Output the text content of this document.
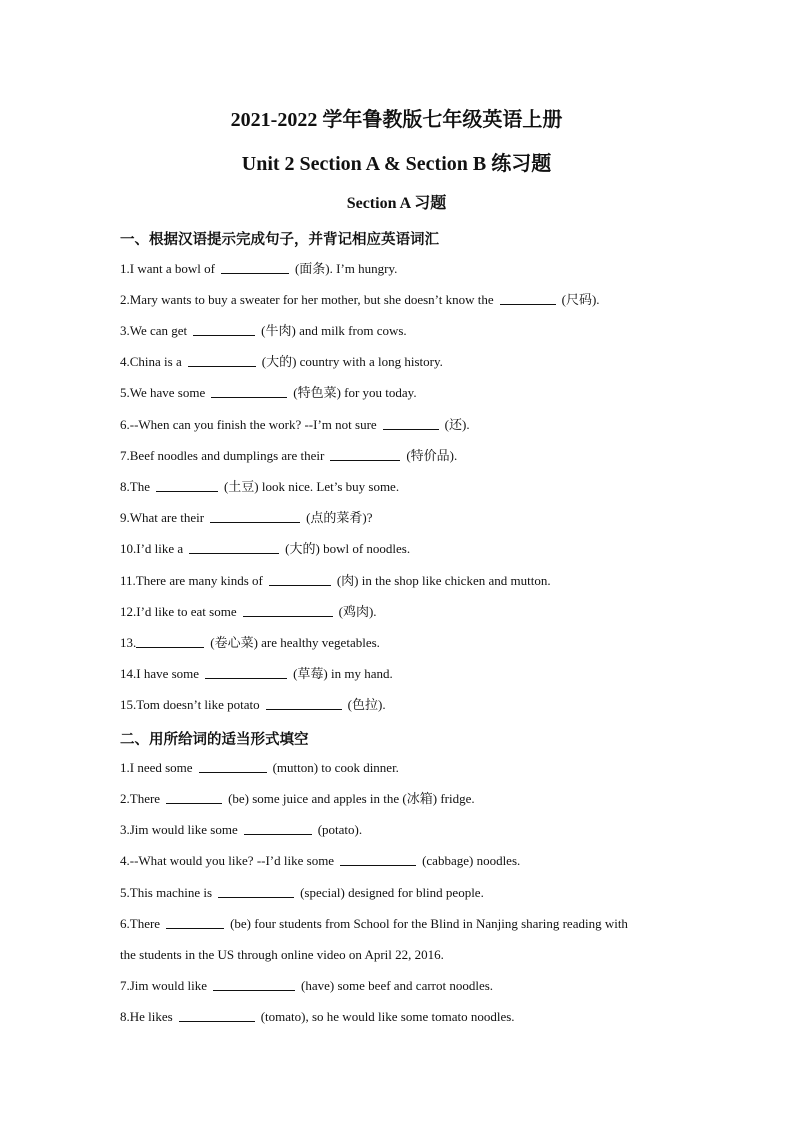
2021-2022 学年鲁教版七年级英语上册
Unit 2 Section A & Section B 练习题
Section A 习题
一、根据汉语提示完成句子，并背记相应英语词汇
1.I want a bowl of	(面条). I’m hungry.
2.Mary wants to buy a sweater for her mother, but she doesn’t know the	(尺码).
3.We can get	(牛肉) and milk from cows.
4.China is a	(大的) country with a long history.
5.We have some	(特色菜) for you today.
6.--When can you finish the work? --I’m not sure	(还).
7.Beef noodles and dumplings are their	(特价品).
8.The	(土豆) look nice. Let’s buy some.
9.What are their	(点的菜肴)?
10.I’d like a	(大的) bowl of noodles.
11.There are many kinds of	(肉) in the shop like chicken and mutton.
12.I’d like to eat some	(鸡肉).
13.	(卷心菜) are healthy vegetables.
14.I have some	(草莓) in my hand.
15.Tom doesn’t like potato	(色拉).
二、用所给词的适当形式填空
1.I need some	(mutton) to cook dinner.
2.There	(be) some juice and apples in the (冰箱) fridge.
3.Jim would like some	(potato).
4.--What would you like? --I’d like some	(cabbage) noodles.
5.This machine is	(special) designed for blind people.
6.There	(be) four students from School for the Blind in Nanjing sharing reading with
the students in the US through online video on April 22, 2016.
7.Jim would like	(have) some beef and carrot noodles.
8.He likes	(tomato), so he would like some tomato noodles.
